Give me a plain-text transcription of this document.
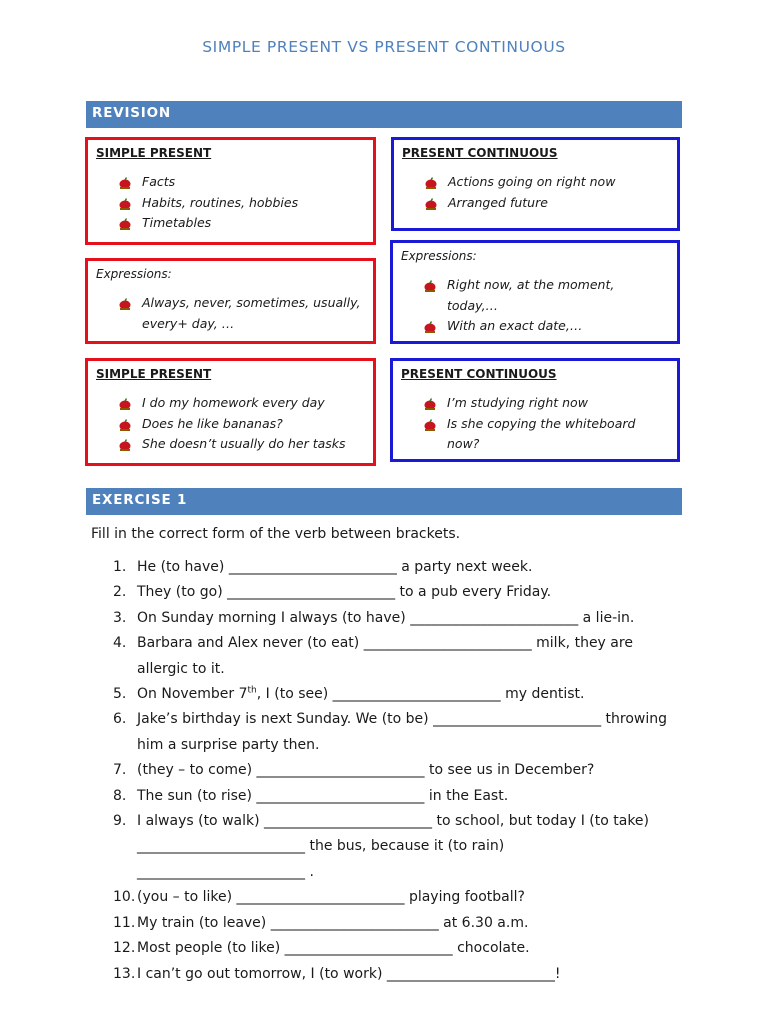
SIMPLE PRESENT VS PRESENT CONTINUOUS
REVISION
SIMPLE PRESENT
Facts
Habits, routines, hobbies
Timetables
PRESENT CONTINUOUS
Actions going on right now
Arranged future
Expressions:
Always, never, sometimes, usually, every+ day, …
Expressions:
Right now, at the moment, today,…
With an exact date,…
SIMPLE PRESENT
I do my homework every day
Does he like bananas?
She doesn’t usually do her tasks
PRESENT CONTINUOUS
I’m studying right now
Is she copying the whiteboard now?
EXERCISE 1
Fill in the correct form of the verb between brackets.
1. He (to have) ________________________ a party next week.
2. They (to go) ________________________ to a pub every Friday.
3. On Sunday morning I always (to have) ________________________ a lie-in.
4. Barbara and Alex never (to eat) ________________________ milk, they are allergic to it.
5. On November 7th, I (to see) ________________________ my dentist.
6. Jake’s birthday is next Sunday. We (to be) ________________________ throwing him a surprise party then.
7. (they – to come) ________________________ to see us in December?
8. The sun (to rise) ________________________ in the East.
9. I always (to walk) ________________________ to school, but today I (to take) ________________________ the bus, because it (to rain) ________________________ .
10. (you – to like) ________________________ playing football?
11. My train (to leave) ________________________ at 6.30 a.m.
12. Most people (to like) ________________________ chocolate.
13. I can’t go out tomorrow, I (to work) ________________________!
